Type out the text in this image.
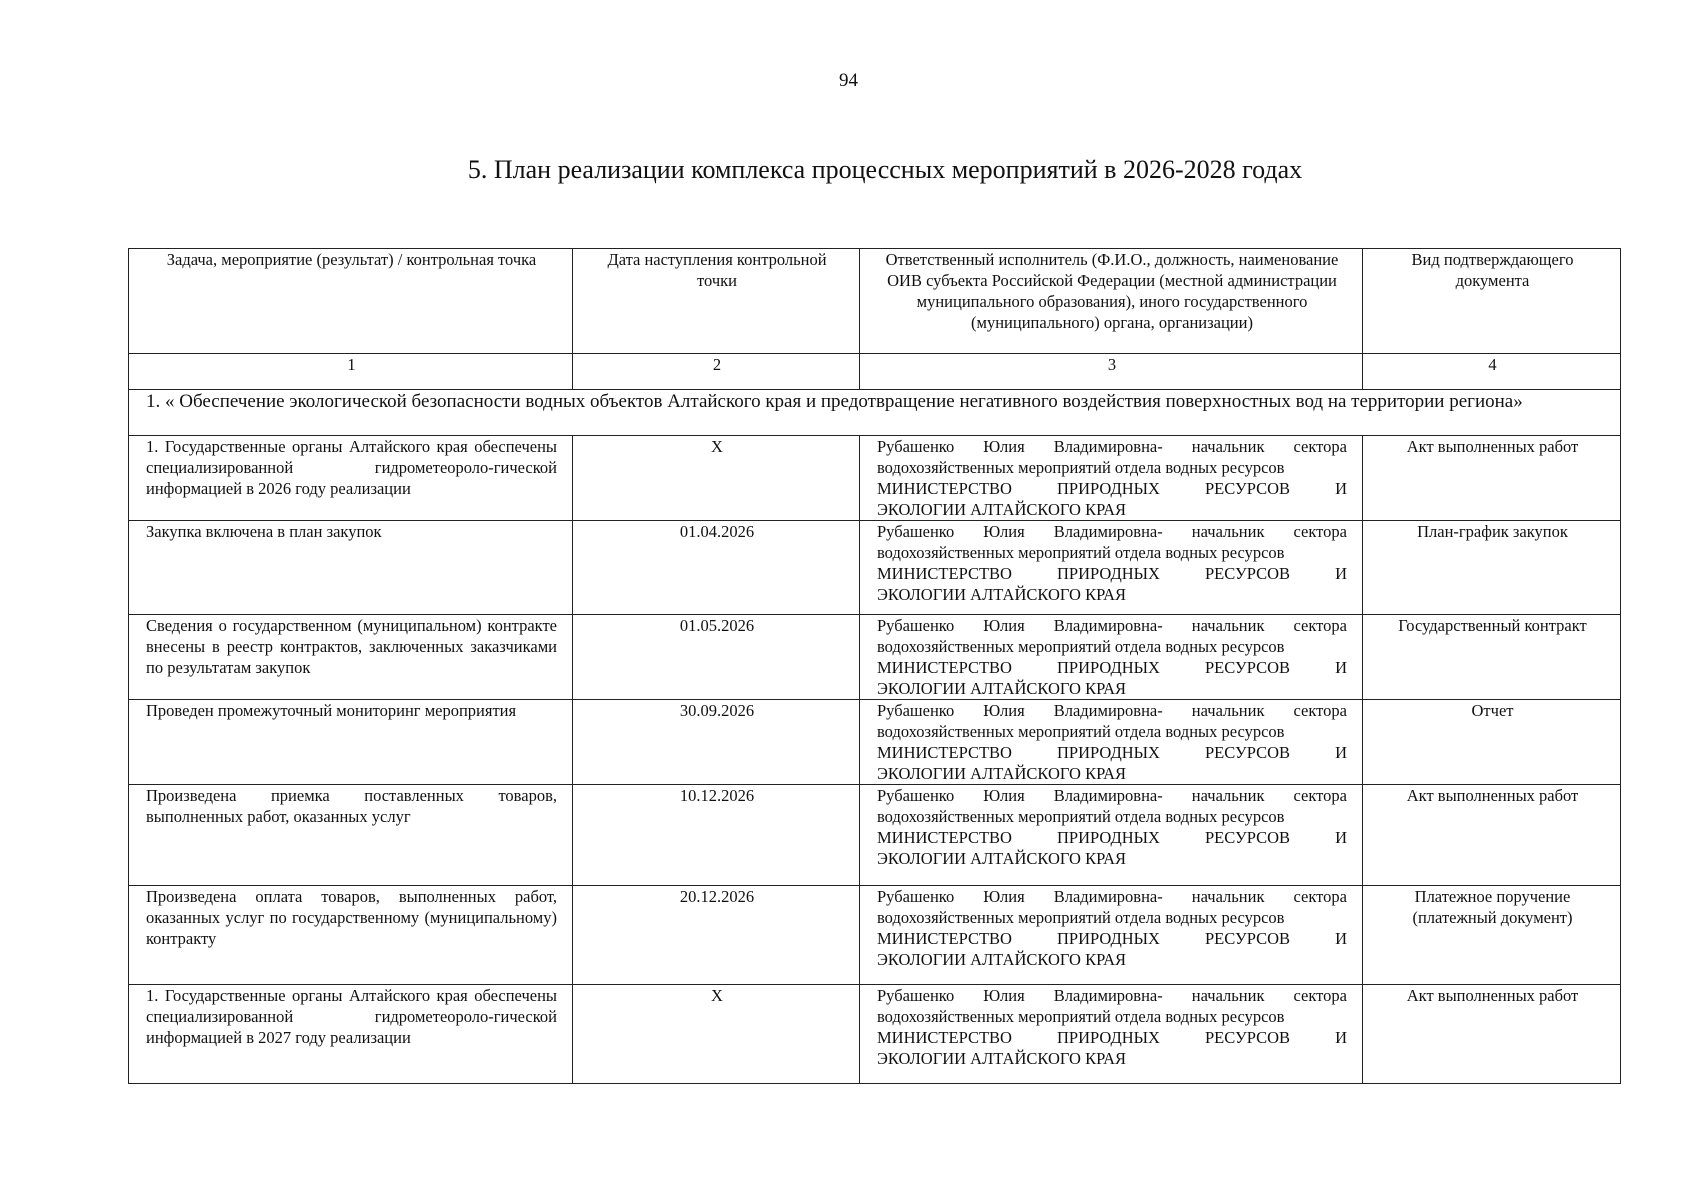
94
5. План реализации комплекса процессных мероприятий в 2026-2028 годах
Задача, мероприятие (результат) / контрольная точка	Дата наступления контрольной точки	Ответственный исполнитель (Ф.И.О., должность, наименование ОИВ субъекта Российской Федерации (местной администрации муниципального образования), иного государственного (муниципального) органа, организации)	Вид подтверждающего документа
1	2	3	4
1. « Обеспечение экологической безопасности водных объектов Алтайского края и предотвращение негативного воздействия поверхностных вод на территории региона»			
1. Государственные органы Алтайского края обеспечены специализированной гидрометеороло-гической информацией в 2026 году реализации	X	Рубашенко Юлия Владимировна- начальник сектора
водохозяйственных мероприятий отдела водных ресурсов
МИНИСТЕРСТВО ПРИРОДНЫХ РЕСУРСОВ И
ЭКОЛОГИИ АЛТАЙСКОГО КРАЯ	Акт выполненных работ
Закупка включена в план закупок	01.04.2026	Рубашенко Юлия Владимировна- начальник сектора
водохозяйственных мероприятий отдела водных ресурсов
МИНИСТЕРСТВО ПРИРОДНЫХ РЕСУРСОВ И
ЭКОЛОГИИ АЛТАЙСКОГО КРАЯ	План-график закупок
Сведения о государственном (муниципальном) контракте внесены в реестр контрактов, заключенных заказчиками по результатам закупок	01.05.2026	Рубашенко Юлия Владимировна- начальник сектора
водохозяйственных мероприятий отдела водных ресурсов
МИНИСТЕРСТВО ПРИРОДНЫХ РЕСУРСОВ И
ЭКОЛОГИИ АЛТАЙСКОГО КРАЯ	Государственный контракт
Проведен промежуточный мониторинг мероприятия	30.09.2026	Рубашенко Юлия Владимировна- начальник сектора
водохозяйственных мероприятий отдела водных ресурсов
МИНИСТЕРСТВО ПРИРОДНЫХ РЕСУРСОВ И
ЭКОЛОГИИ АЛТАЙСКОГО КРАЯ	Отчет
Произведена приемка поставленных товаров, выполненных работ, оказанных услуг	10.12.2026	Рубашенко Юлия Владимировна- начальник сектора
водохозяйственных мероприятий отдела водных ресурсов
МИНИСТЕРСТВО ПРИРОДНЫХ РЕСУРСОВ И
ЭКОЛОГИИ АЛТАЙСКОГО КРАЯ	Акт выполненных работ
Произведена оплата товаров, выполненных работ, оказанных услуг по государственному (муниципальному) контракту	20.12.2026	Рубашенко Юлия Владимировна- начальник сектора
водохозяйственных мероприятий отдела водных ресурсов
МИНИСТЕРСТВО ПРИРОДНЫХ РЕСУРСОВ И
ЭКОЛОГИИ АЛТАЙСКОГО КРАЯ	Платежное поручение (платежный документ)
1. Государственные органы Алтайского края обеспечены специализированной гидрометеороло-гической информацией в 2027 году реализации	X	Рубашенко Юлия Владимировна- начальник сектора
водохозяйственных мероприятий отдела водных ресурсов
МИНИСТЕРСТВО ПРИРОДНЫХ РЕСУРСОВ И
ЭКОЛОГИИ АЛТАЙСКОГО КРАЯ	Акт выполненных работ
